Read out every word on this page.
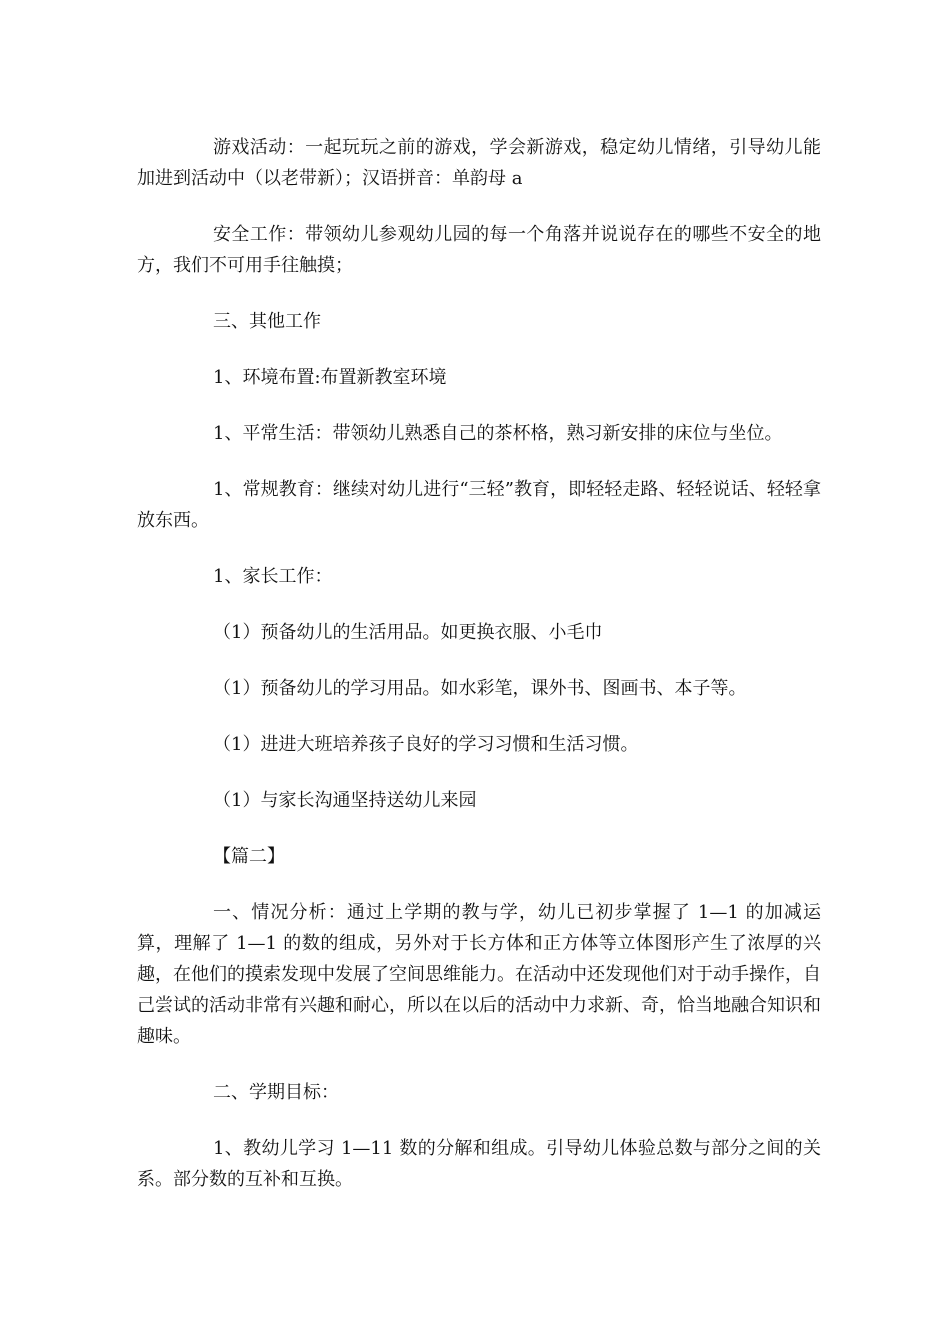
游戏活动：一起玩玩之前的游戏，学会新游戏，稳定幼儿情绪，引导幼儿能加进到活动中（以老带新）；汉语拼音：单韵母 a

安全工作：带领幼儿参观幼儿园的每一个角落并说说存在的哪些不安全的地方，我们不可用手往触摸；

三、其他工作

1、环境布置:布置新教室环境

1、平常生活：带领幼儿熟悉自己的茶杯格，熟习新安排的床位与坐位。

1、常规教育：继续对幼儿进行“三轻”教育，即轻轻走路、轻轻说话、轻轻拿放东西。

1、家长工作：

（1）预备幼儿的生活用品。如更换衣服、小毛巾

（1）预备幼儿的学习用品。如水彩笔，课外书、图画书、本子等。

（1）进进大班培养孩子良好的学习习惯和生活习惯。

（1）与家长沟通坚持送幼儿来园

【篇二】

一、情况分析：通过上学期的教与学，幼儿已初步掌握了 1—1 的加减运算，理解了 1—1 的数的组成，另外对于长方体和正方体等立体图形产生了浓厚的兴趣，在他们的摸索发现中发展了空间思维能力。在活动中还发现他们对于动手操作，自己尝试的活动非常有兴趣和耐心，所以在以后的活动中力求新、奇，恰当地融合知识和趣味。

二、学期目标：

1、教幼儿学习 1—11 数的分解和组成。引导幼儿体验总数与部分之间的关系。部分数的互补和互换。
